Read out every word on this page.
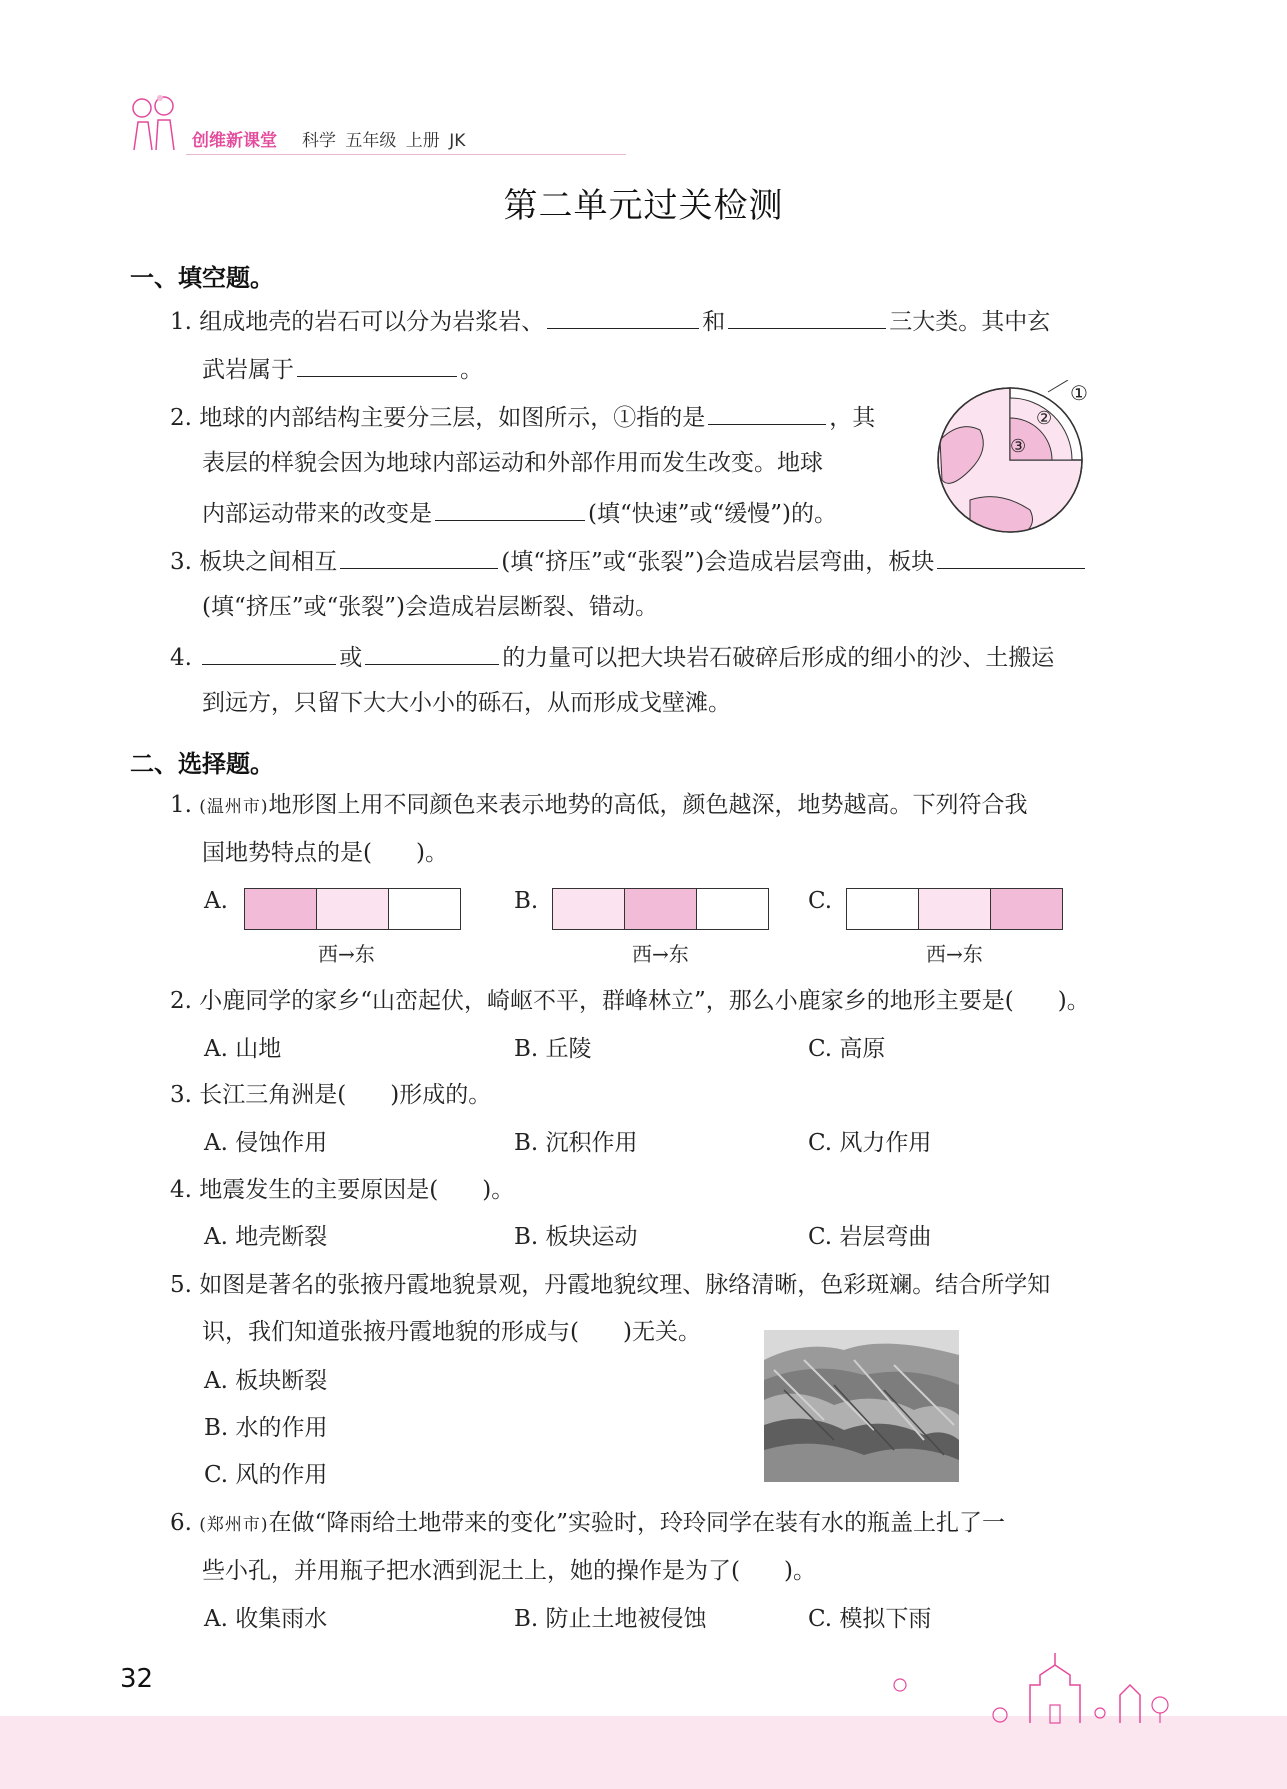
创维新课堂 科学 五年级 上册 JK
第二单元过关检测
一、填空题。
1. 组成地壳的岩石可以分为岩浆岩、	和	三大类。其中玄
武岩属于	。
2. 地球的内部结构主要分三层，如图所示，①指的是	，其
表层的样貌会因为地球内部运动和外部作用而发生改变。地球
内部运动带来的改变是	(填“快速”或“缓慢”)的。
①
②
③
3. 板块之间相互	(填“挤压”或“张裂”)会造成岩层弯曲，板块
(填“挤压”或“张裂”)会造成岩层断裂、错动。
4.	或	的力量可以把大块岩石破碎后形成的细小的沙、土搬运
到远方，只留下大大小小的砾石，从而形成戈壁滩。
二、选择题。
1. (温州市)地形图上用不同颜色来表示地势的高低，颜色越深，地势越高。下列符合我
国地势特点的是( )。
A.
西→东
B.
西→东
C.
西→东
2. 小鹿同学的家乡“山峦起伏，崎岖不平，群峰林立”，那么小鹿家乡的地形主要是( )。
A. 山地	B. 丘陵	C. 高原
3. 长江三角洲是( )形成的。
A. 侵蚀作用	B. 沉积作用	C. 风力作用
4. 地震发生的主要原因是( )。
A. 地壳断裂	B. 板块运动	C. 岩层弯曲
5. 如图是著名的张掖丹霞地貌景观，丹霞地貌纹理、脉络清晰，色彩斑斓。结合所学知
识，我们知道张掖丹霞地貌的形成与( )无关。
A. 板块断裂
B. 水的作用
C. 风的作用
6. (郑州市)在做“降雨给土地带来的变化”实验时，玲玲同学在装有水的瓶盖上扎了一
些小孔，并用瓶子把水洒到泥土上，她的操作是为了( )。
A. 收集雨水	B. 防止土地被侵蚀	C. 模拟下雨
32
